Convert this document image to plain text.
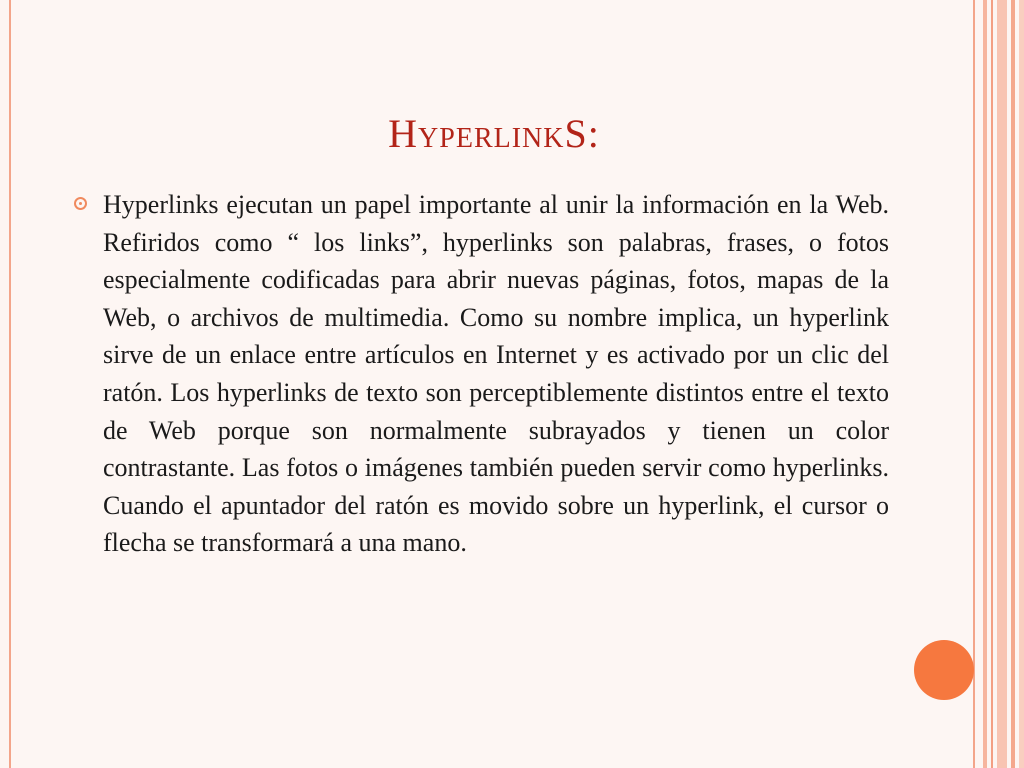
HyperlinkS:

Hyperlinks ejecutan un papel importante al unir la información en la Web. Refiridos como “ los links”, hyperlinks son palabras, frases, o fotos especialmente codificadas para abrir nuevas páginas, fotos, mapas de la Web, o archivos de multimedia. Como su nombre implica, un hyperlink sirve de un enlace entre artículos en Internet y es activado por un clic del ratón. Los hyperlinks de texto son perceptiblemente distintos entre el texto de Web porque son normalmente subrayados y tienen un color contrastante. Las fotos o imágenes también pueden servir como hyperlinks. Cuando el apuntador del ratón es movido sobre un hyperlink, el cursor o flecha se transformará a una mano.
